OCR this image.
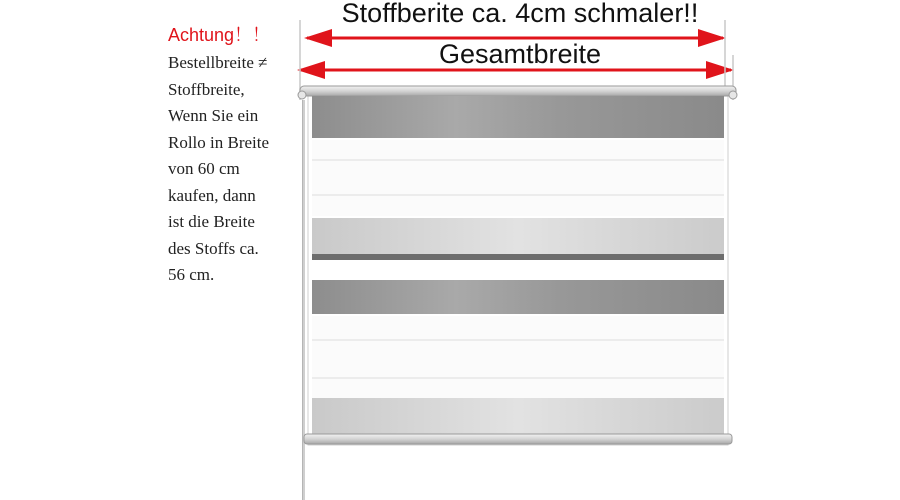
Achtung！！
Bestellbreite ≠
Stoffbreite,
Wenn Sie ein
Rollo in Breite
von 60 cm
kaufen, dann
ist die Breite
des Stoffs ca.
56 cm.
Stoffberite ca. 4cm schmaler!!
Gesamtbreite
